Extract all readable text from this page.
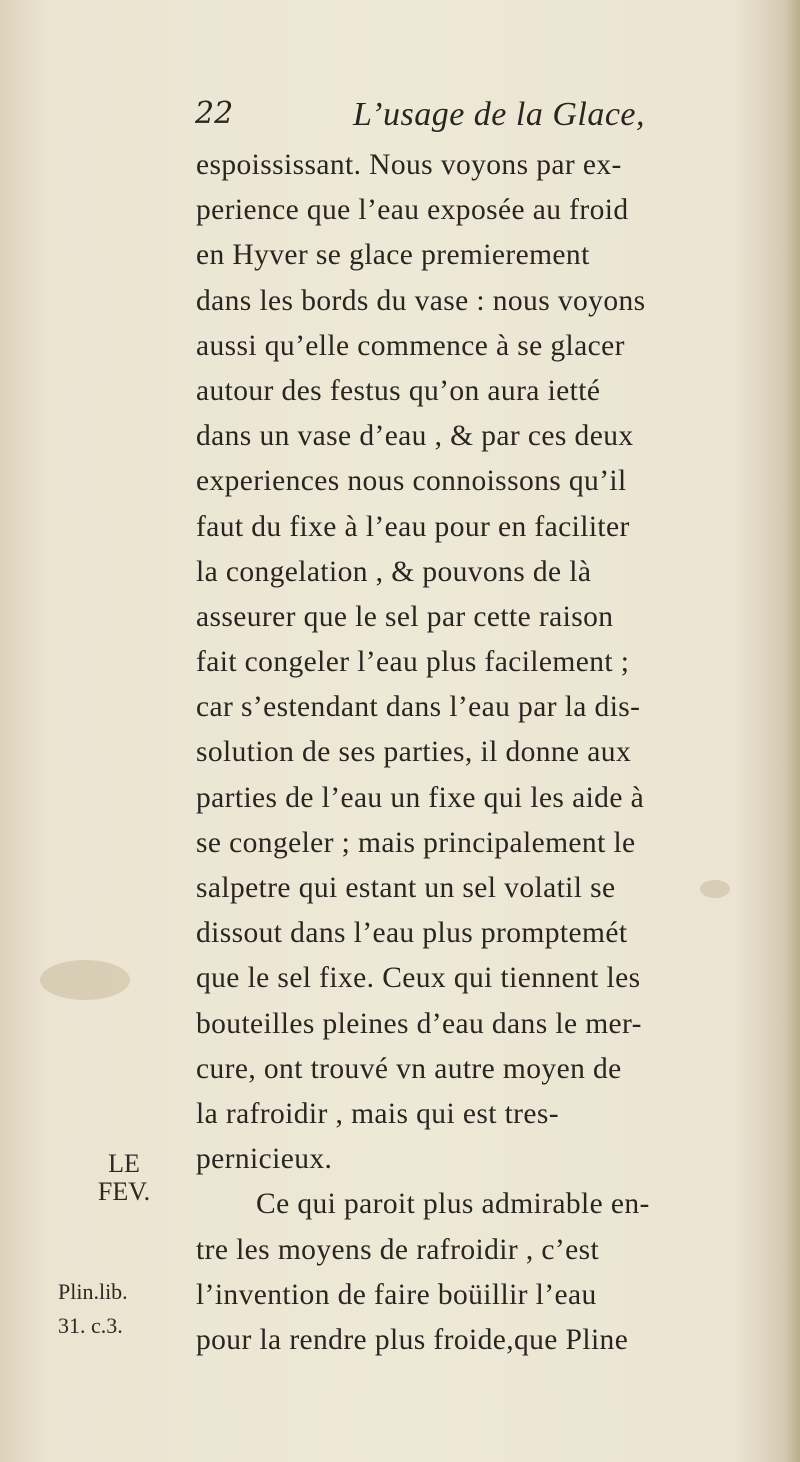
22	L’usage de la Glace,
espoississant. Nous voyons par ex-
perience que l’eau exposée au froid
en Hyver se glace premierement
dans les bords du vase : nous voyons
aussi qu’elle commence à se glacer
autour des festus qu’on aura ietté
dans un vase d’eau , & par ces deux
experiences nous connoissons qu’il
faut du fixe à l’eau pour en faciliter
la congelation , & pouvons de là
asseurer que le sel par cette raison
fait congeler l’eau plus facilement ;
car s’estendant dans l’eau par la dis-
solution de ses parties, il donne aux
parties de l’eau un fixe qui les aide à
se congeler ; mais principalement le
salpetre qui estant un sel volatil se
dissout dans l’eau plus promptemét
que le sel fixe. Ceux qui tiennent les
bouteilles pleines d’eau dans le mer-
cure, ont trouvé vn autre moyen de
la rafroidir , mais qui est tres-
pernicieux.
Ce qui paroit plus admirable en-
tre les moyens de rafroidir , c’est
l’invention de faire boüillir l’eau
pour la rendre plus froide,que Pline
LE
FEV.
Plin.lib.
31. c.3.
